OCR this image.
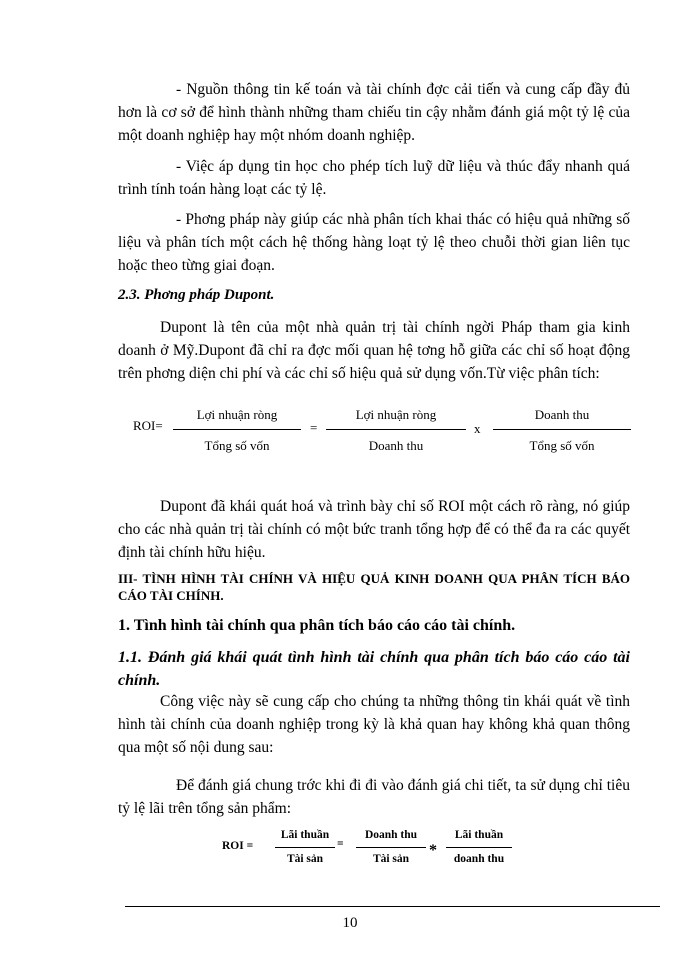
- Nguồn thông tin kế toán và tài chính đợc cải tiến và cung cấp đầy đủ hơn là cơ sở để hình thành những tham chiếu tin cậy nhằm đánh giá một tỷ lệ của một doanh nghiệp hay một nhóm doanh nghiệp.

- Việc áp dụng tin học cho phép tích luỹ dữ liệu và thúc đẩy nhanh quá trình tính toán hàng loạt các tỷ lệ.

- Phơng pháp này giúp các nhà phân tích khai thác có hiệu quả những số liệu và phân tích một cách hệ thống hàng loạt tỷ lệ theo chuỗi thời gian liên tục hoặc theo từng giai đoạn.

2.3. Phơng pháp Dupont.

Dupont là tên của một nhà quản trị tài chính ngời Pháp tham gia kinh doanh ở Mỹ.Dupont đã chỉ ra đợc mối quan hệ tơng hỗ giữa các chỉ số hoạt động trên phơng diện chi phí và các chỉ số hiệu quả sử dụng vốn.Từ việc phân tích:

ROI=
Lợi nhuận ròng
Tổng số vốn
=
Lợi nhuận ròng
Doanh thu
x
Doanh thu
Tổng số vốn

Dupont đã khái quát hoá và trình bày chỉ số ROI một cách rõ ràng, nó giúp cho các nhà quản trị tài chính có một bức tranh tổng hợp để có thể đa ra các quyết định tài chính hữu hiệu.

III- TÌNH HÌNH TÀI CHÍNH VÀ HIỆU QUẢ KINH DOANH QUA PHÂN TÍCH BÁO CÁO TÀI CHÍNH.

1. Tình hình tài chính qua phân tích báo cáo cáo tài chính.

1.1. Đánh giá khái quát tình hình tài chính qua phân tích báo cáo cáo tài chính.

Công việc này sẽ cung cấp cho chúng ta những thông tin khái quát về tình hình tài chính của doanh nghiệp trong kỳ là khả quan hay không khả quan thông qua một số nội dung sau:

Để đánh giá chung trớc khi đi đi vào đánh giá chi tiết, ta sử dụng chỉ tiêu tỷ lệ lãi trên tổng sản phẩm:

ROI =
Lãi thuần
Tài sản
=
Doanh thu
Tài sản	*
Lãi thuần
doanh thu
10
